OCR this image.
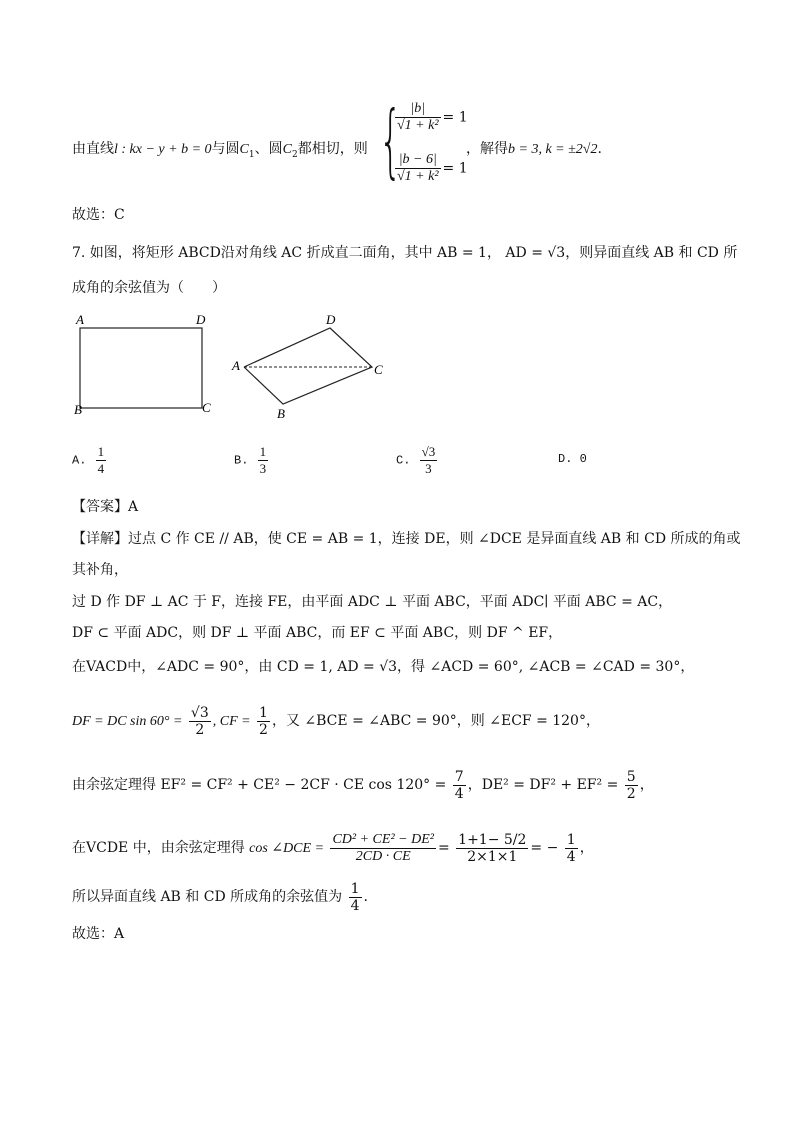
由直线l : kx − y + b = 0与圆$C_1$、圆$C_2$都相切，则 {
$\frac{|b|}{\text{√1 + k²}} = 1$
$\frac{|b - 6|}{\text{√1 + k²}} = 1$
，解得b = 3, k = ±2√2.
故选：C
7. 如图，将矩形 ABCD沿对角线 AC 折成直二面角，其中 AB = 1， AD = √3，则异面直线 AB 和 CD 所
成角的余弦值为（　　）
A	D
B	C
A
D
C
B
A. $\frac{1}{4}$	B. $\frac{1}{3}$	C. $\frac{√3}{3}$	D. 0
【答案】A
【详解】过点 C 作 CE // AB，使 CE = AB = 1，连接 DE，则 ∠DCE 是异面直线 AB 和 CD 所成的角或
其补角，
过 D 作 DF ⊥ AC 于 F，连接 FE，由平面 ADC ⊥ 平面 ABC，平面 ADC∣ 平面 ABC = AC，
DF ⊂ 平面 ADC，则 DF ⊥ 平面 ABC，而 EF ⊂ 平面 ABC，则 DF ^ EF，
在VACD中，∠ADC = 90°，由 CD = 1, AD = √3，得 ∠ACD = 60°, ∠ACB = ∠CAD = 30°，
DF = DC $\sin 60^\circ = \frac{√3}{2}$ , CF = $\frac{1}{2}$ ，又 ∠BCE = ∠ABC = 90°，则 ∠ECF = 120°，
由余弦定理得 EF² = CF² + CE² − 2CF · CE $\cos 120^\circ = \frac{7}{4}$ ，$DE^2 = DF^2 + EF^2 = \frac{5}{2}$ ，
在VCDE 中，由余弦定理得 cos ∠DCE = $\frac{\text{CD² + CE² − DE²}}{2CD \cdot CE} = \frac{1+1- 5/2}{2\times 1\times 1}$ = − $\frac{1}{4}$ ，
所以异面直线 AB 和 CD 所成角的余弦值为 $\frac{1}{4}$ .
故选：A
